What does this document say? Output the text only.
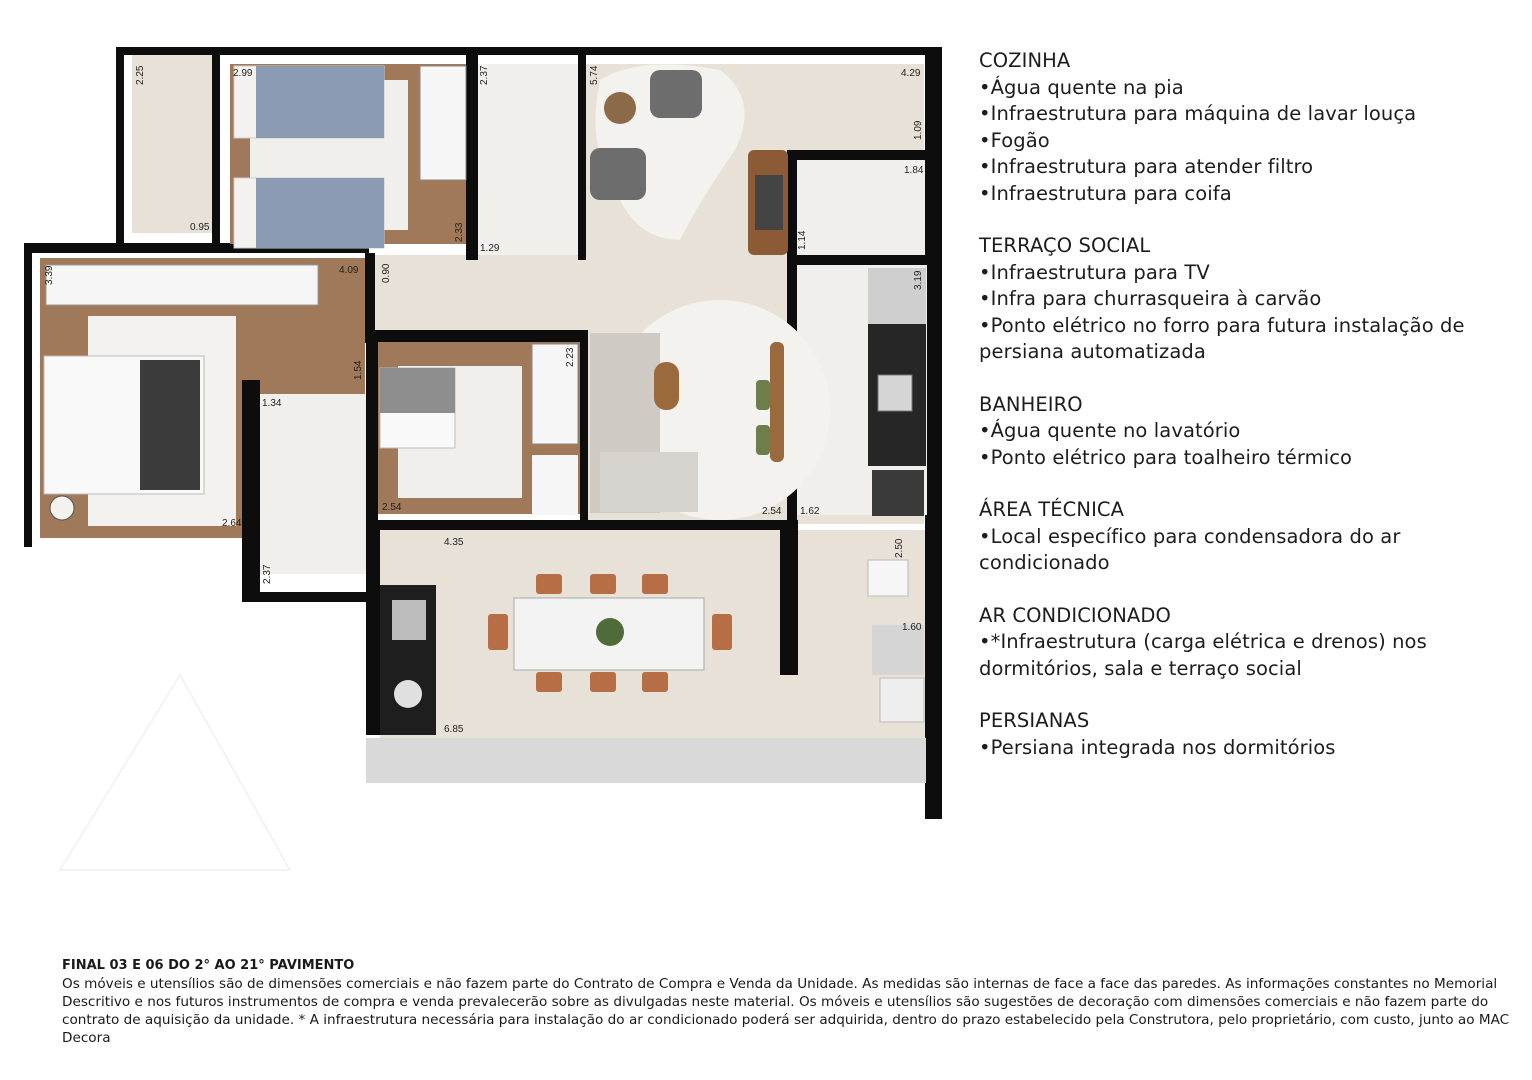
2.25	2.99	2.37	5.74	4.29
1.09
0.95	2.33
1.29
1.84
1.14
3.39	4.09 0.90
1.54
2.23
3.19
1.34
2.54	2.54 1.62
2.64
4.35	2.50
2.37
1.60
6.85
COZINHA
• Água quente na pia
• Infraestrutura para máquina de lavar louça
• Fogão
• Infraestrutura para atender filtro
• Infraestrutura para coifa
TERRAÇO SOCIAL
• Infraestrutura para TV
• Infra para churrasqueira à carvão
• Ponto elétrico no forro para futura instalação de persiana automatizada
BANHEIRO
• Água quente no lavatório
• Ponto elétrico para toalheiro térmico
ÁREA TÉCNICA
• Local específico para condensadora do ar condicionado
AR CONDICIONADO
• *Infraestrutura (carga elétrica e drenos) nos dormitórios, sala e terraço social
PERSIANAS
• Persiana integrada nos dormitórios
FINAL 03 E 06 DO 2° AO 21° PAVIMENTO
Os móveis e utensílios são de dimensões comerciais e não fazem parte do Contrato de Compra e Venda da Unidade. As medidas são internas de face a face das paredes. As informações constantes no Memorial Descritivo e nos futuros instrumentos de compra e venda prevalecerão sobre as divulgadas neste material. Os móveis e utensílios são sugestões de decoração com dimensões comerciais e não fazem parte do contrato de aquisição da unidade. * A infraestrutura necessária para instalação do ar condicionado poderá ser adquirida, dentro do prazo estabelecido pela Construtora, pelo proprietário, com custo, junto ao MAC Decora
